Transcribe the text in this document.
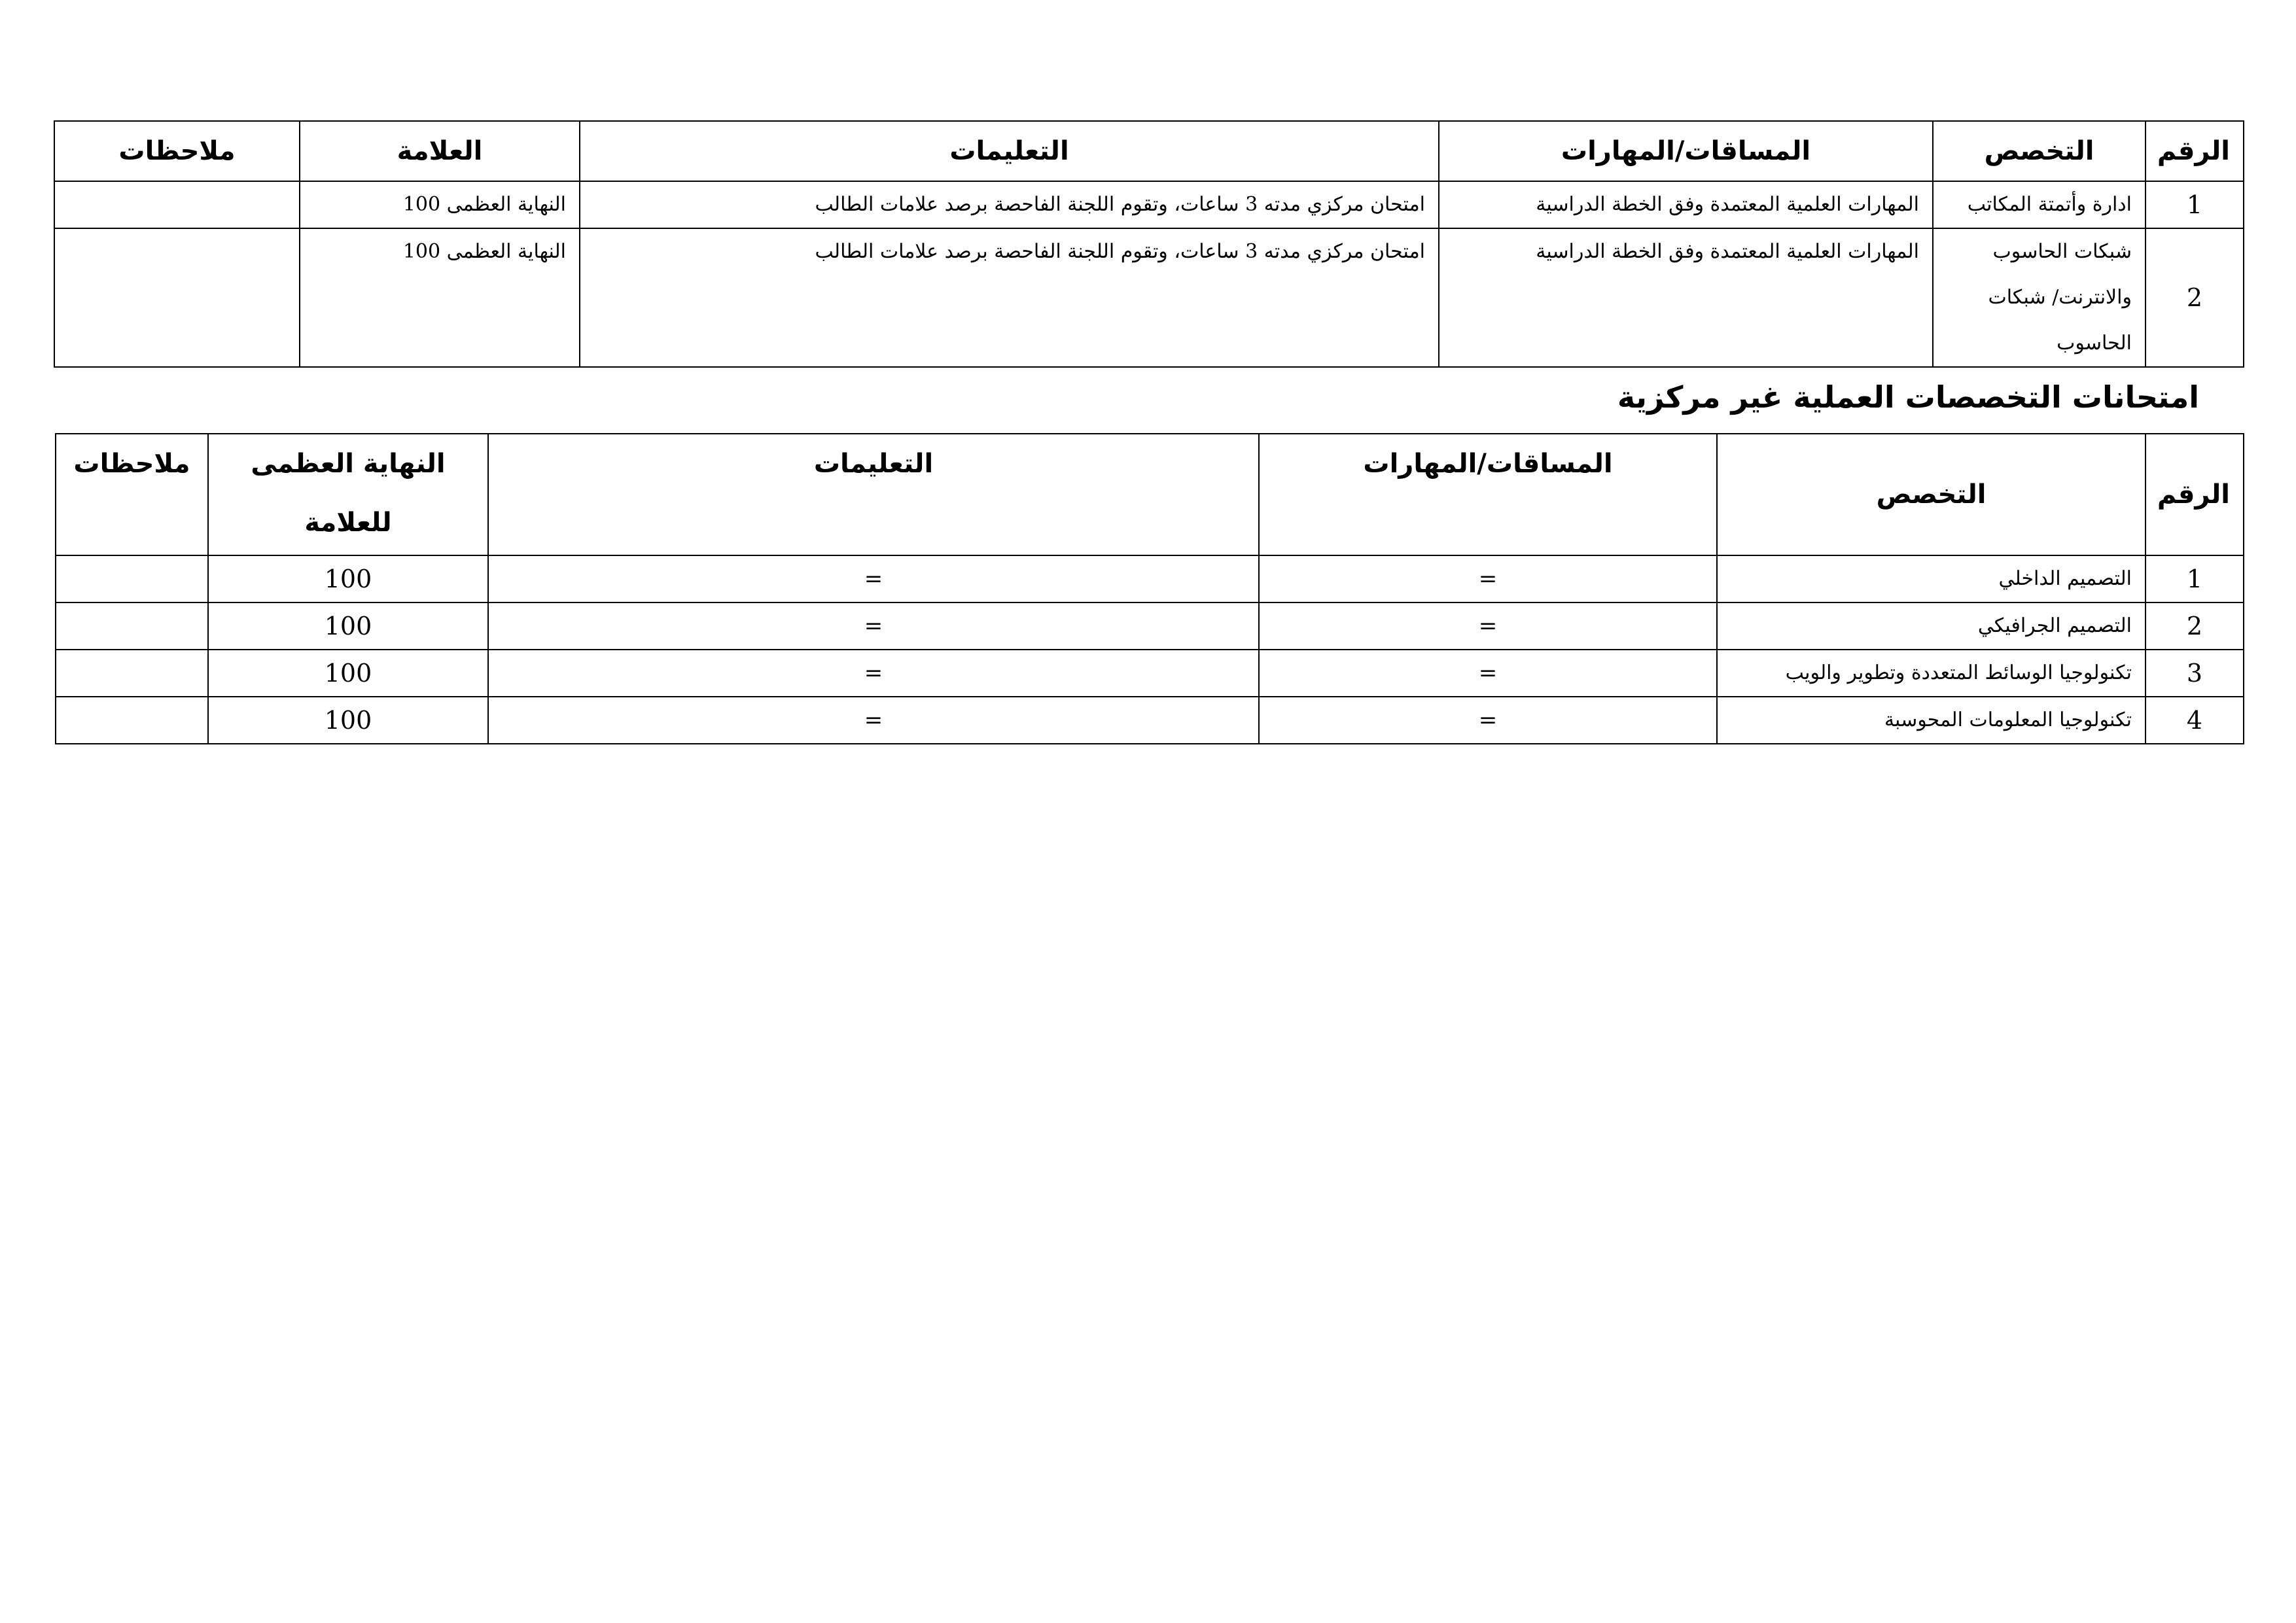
الرقم	التخصص	المساقات/المهارات	التعليمات	العلامة	ملاحظات
1	ادارة وأتمتة المكاتب	المهارات العلمية المعتمدة وفق الخطة الدراسية	امتحان مركزي مدته 3 ساعات، وتقوم اللجنة الفاحصة برصد علامات الطالب	النهاية العظمى 100	
2	شبكات الحاسوب
والانترنت/ شبكات
الحاسوب	المهارات العلمية المعتمدة وفق الخطة الدراسية	امتحان مركزي مدته 3 ساعات، وتقوم اللجنة الفاحصة برصد علامات الطالب	النهاية العظمى 100	
امتحانات التخصصات العملية غير مركزية
الرقم	التخصص	المساقات/المهارات	التعليمات	النهاية العظمى
للعلامة	ملاحظات
1	التصميم الداخلي	=	=	100	
2	التصميم الجرافيكي	=	=	100	
3	تكنولوجيا الوسائط المتعددة وتطوير والويب	=	=	100	
4	تكنولوجيا المعلومات المحوسبة	=	=	100	
